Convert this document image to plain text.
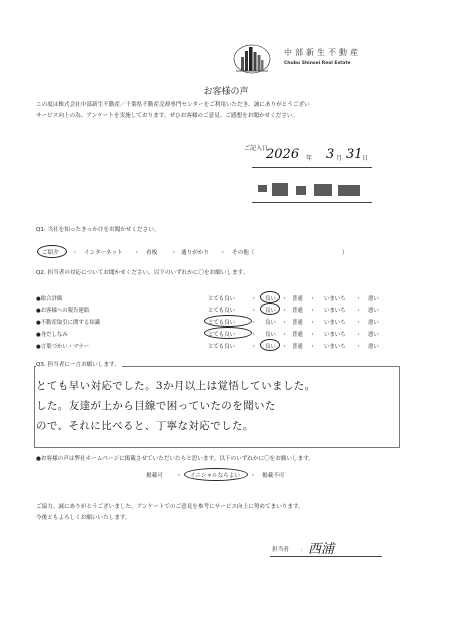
中部新生不動産
Chubu Shinsei Real Estate
お客様の声
この度は株式会社中部新生不動産／千葉県不動産売却専門センターをご利用いただき、誠にありがとうござい
サービス向上の為、アンケートを実施しております。ぜひお客様のご意見、ご感想をお聞かせください。
ご記入日
2026 年 3 月 31 日
Q1. 当社を知ったきっかけをお聞かせください。
ご紹介 ・ インターネット ・ 看板 ・ 通りがかり ・ その他（	）
Q2. 担当者の対応についてお聞かせください。以下のいずれかに〇をお願いします。
●総合評価	とても良い	・ 良い ・ 普通 ・ いまいち ・ 悪い
●お客様への報告連絡	とても良い	・ 良い ・ 普通 ・ いまいち ・ 悪い
●不動産取引に関する知識	とても良い	・ 良い ・ 普通 ・ いまいち ・ 悪い
●身だしなみ	とても良い	・ 良い ・ 普通 ・ いまいち ・ 悪い
●言葉づかい・マナー	とても良い	・ 良い ・ 普通 ・ いまいち ・ 悪い
Q3. 担当者に一言お願いします。
とても早い対応でした。3か月以上は覚悟していました。
した。友達が上から目線で困っていたのを聞いた
ので、それに比べると、丁寧な対応でした。
●お客様の声は弊社ホームページに掲載させていただいたらと思います。以下のいずれかに〇をお願いします。
掲載可 ・ イニシャルならよい ・ 掲載不可
ご協力、誠にありがとうございました。アンケートでのご意見を参考にサービス向上に努めてまいります。
今後ともよろしくお願いいたします。
担当者 ： 西浦
